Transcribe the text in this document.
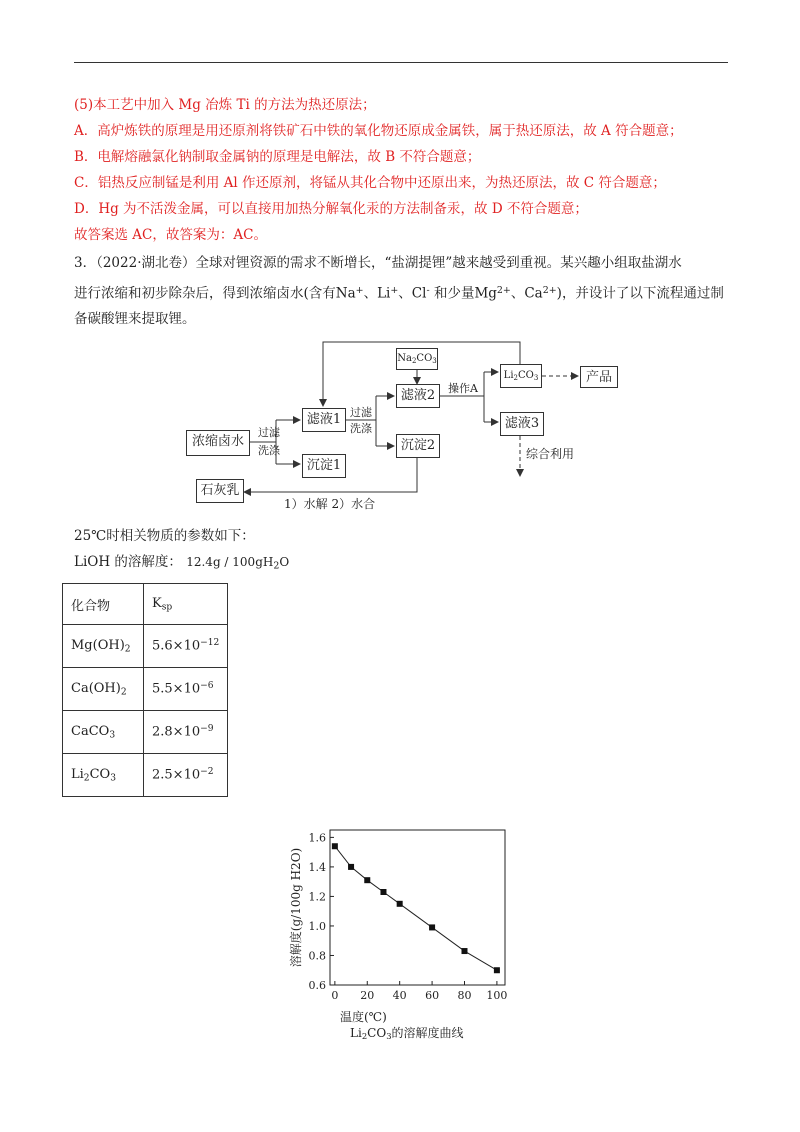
(5)本工艺中加入 Mg 冶炼 Ti 的方法为热还原法；
A．高炉炼铁的原理是用还原剂将铁矿石中铁的氧化物还原成金属铁，属于热还原法，故 A 符合题意；
B．电解熔融氯化钠制取金属钠的原理是电解法，故 B 不符合题意；
C．铝热反应制锰是利用 Al 作还原剂，将锰从其化合物中还原出来，为热还原法，故 C 符合题意；
D．Hg 为不活泼金属，可以直接用加热分解氧化汞的方法制备汞，故 D 不符合题意；
故答案选 AC，故答案为：AC。
3．（2022·湖北卷）全球对锂资源的需求不断增长，“盐湖提锂”越来越受到重视。某兴趣小组取盐湖水
进行浓缩和初步除杂后，得到浓缩卤水(含有Na+、Li+、Cl- 和少量$Mg^{2+}$、$Ca^{2+}$)，并设计了以下流程通过制
备碳酸锂来提取锂。
浓缩卤水
滤液1
沉淀1
石灰乳
滤液2
沉淀2
$Na_2CO_3$
$Li_2CO_3$	产品
滤液3
过滤
洗涤
过滤
洗涤
操作A
综合利用
1）水解 2）水合
25℃时相关物质的参数如下：
LiOH 的溶解度： $12.4g / 100gH_2O$
化合物	$K_{sp}$
$Mg(OH)_2$	$5.6\times 10^{-12}$
$Ca(OH)_2$	$5.5\times 10^{-6}$
CaCO$_3$	$2.8\times 10^{-9}$
$Li_2CO_3$	$2.5\times 10^{-2}$
0 20 40 60 80 100
0.6
0.8
1.0
1.2
1.4
1.6
溶解度(g/100g H2O)
温度(℃)
$Li_2CO_3$的溶解度曲线
